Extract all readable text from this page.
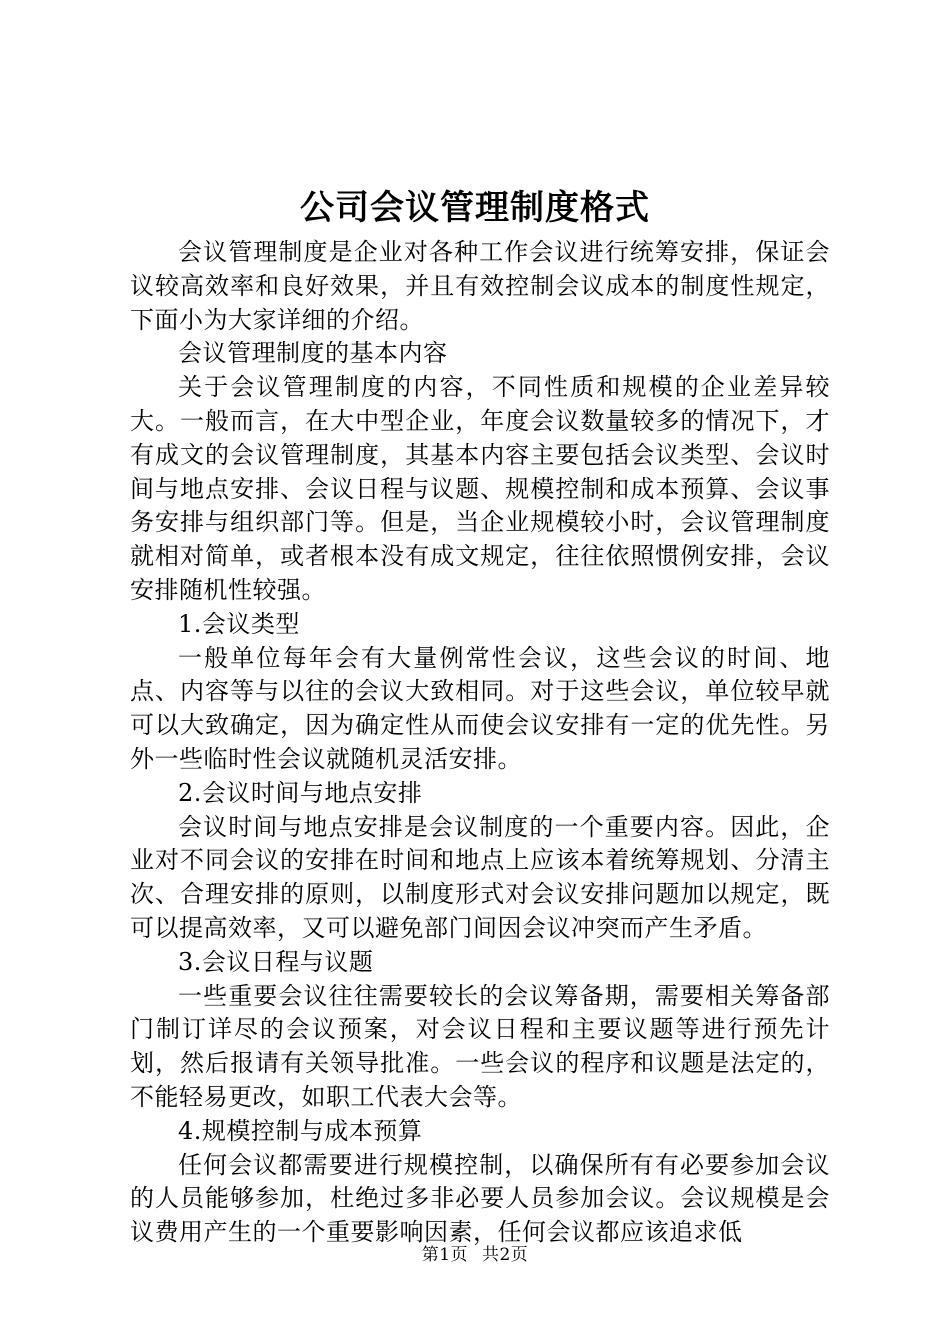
公司会议管理制度格式

会议管理制度是企业对各种工作会议进行统筹安排，保证会议较高效率和良好效果，并且有效控制会议成本的制度性规定，下面小为大家详细的介绍。

会议管理制度的基本内容

关于会议管理制度的内容，不同性质和规模的企业差异较大。一般而言，在大中型企业，年度会议数量较多的情况下，才有成文的会议管理制度，其基本内容主要包括会议类型、会议时间与地点安排、会议日程与议题、规模控制和成本预算、会议事务安排与组织部门等。但是，当企业规模较小时，会议管理制度就相对简单，或者根本没有成文规定，往往依照惯例安排，会议安排随机性较强。

1.会议类型

一般单位每年会有大量例常性会议，这些会议的时间、地点、内容等与以往的会议大致相同。对于这些会议，单位较早就可以大致确定，因为确定性从而使会议安排有一定的优先性。另外一些临时性会议就随机灵活安排。

2.会议时间与地点安排

会议时间与地点安排是会议制度的一个重要内容。因此，企业对不同会议的安排在时间和地点上应该本着统筹规划、分清主次、合理安排的原则，以制度形式对会议安排问题加以规定，既可以提高效率，又可以避免部门间因会议冲突而产生矛盾。

3.会议日程与议题

一些重要会议往往需要较长的会议筹备期，需要相关筹备部门制订详尽的会议预案，对会议日程和主要议题等进行预先计划，然后报请有关领导批准。一些会议的程序和议题是法定的，不能轻易更改，如职工代表大会等。

4.规模控制与成本预算

任何会议都需要进行规模控制，以确保所有有必要参加会议的人员能够参加，杜绝过多非必要人员参加会议。会议规模是会议费用产生的一个重要影响因素，任何会议都应该追求低

第1页 共2页
